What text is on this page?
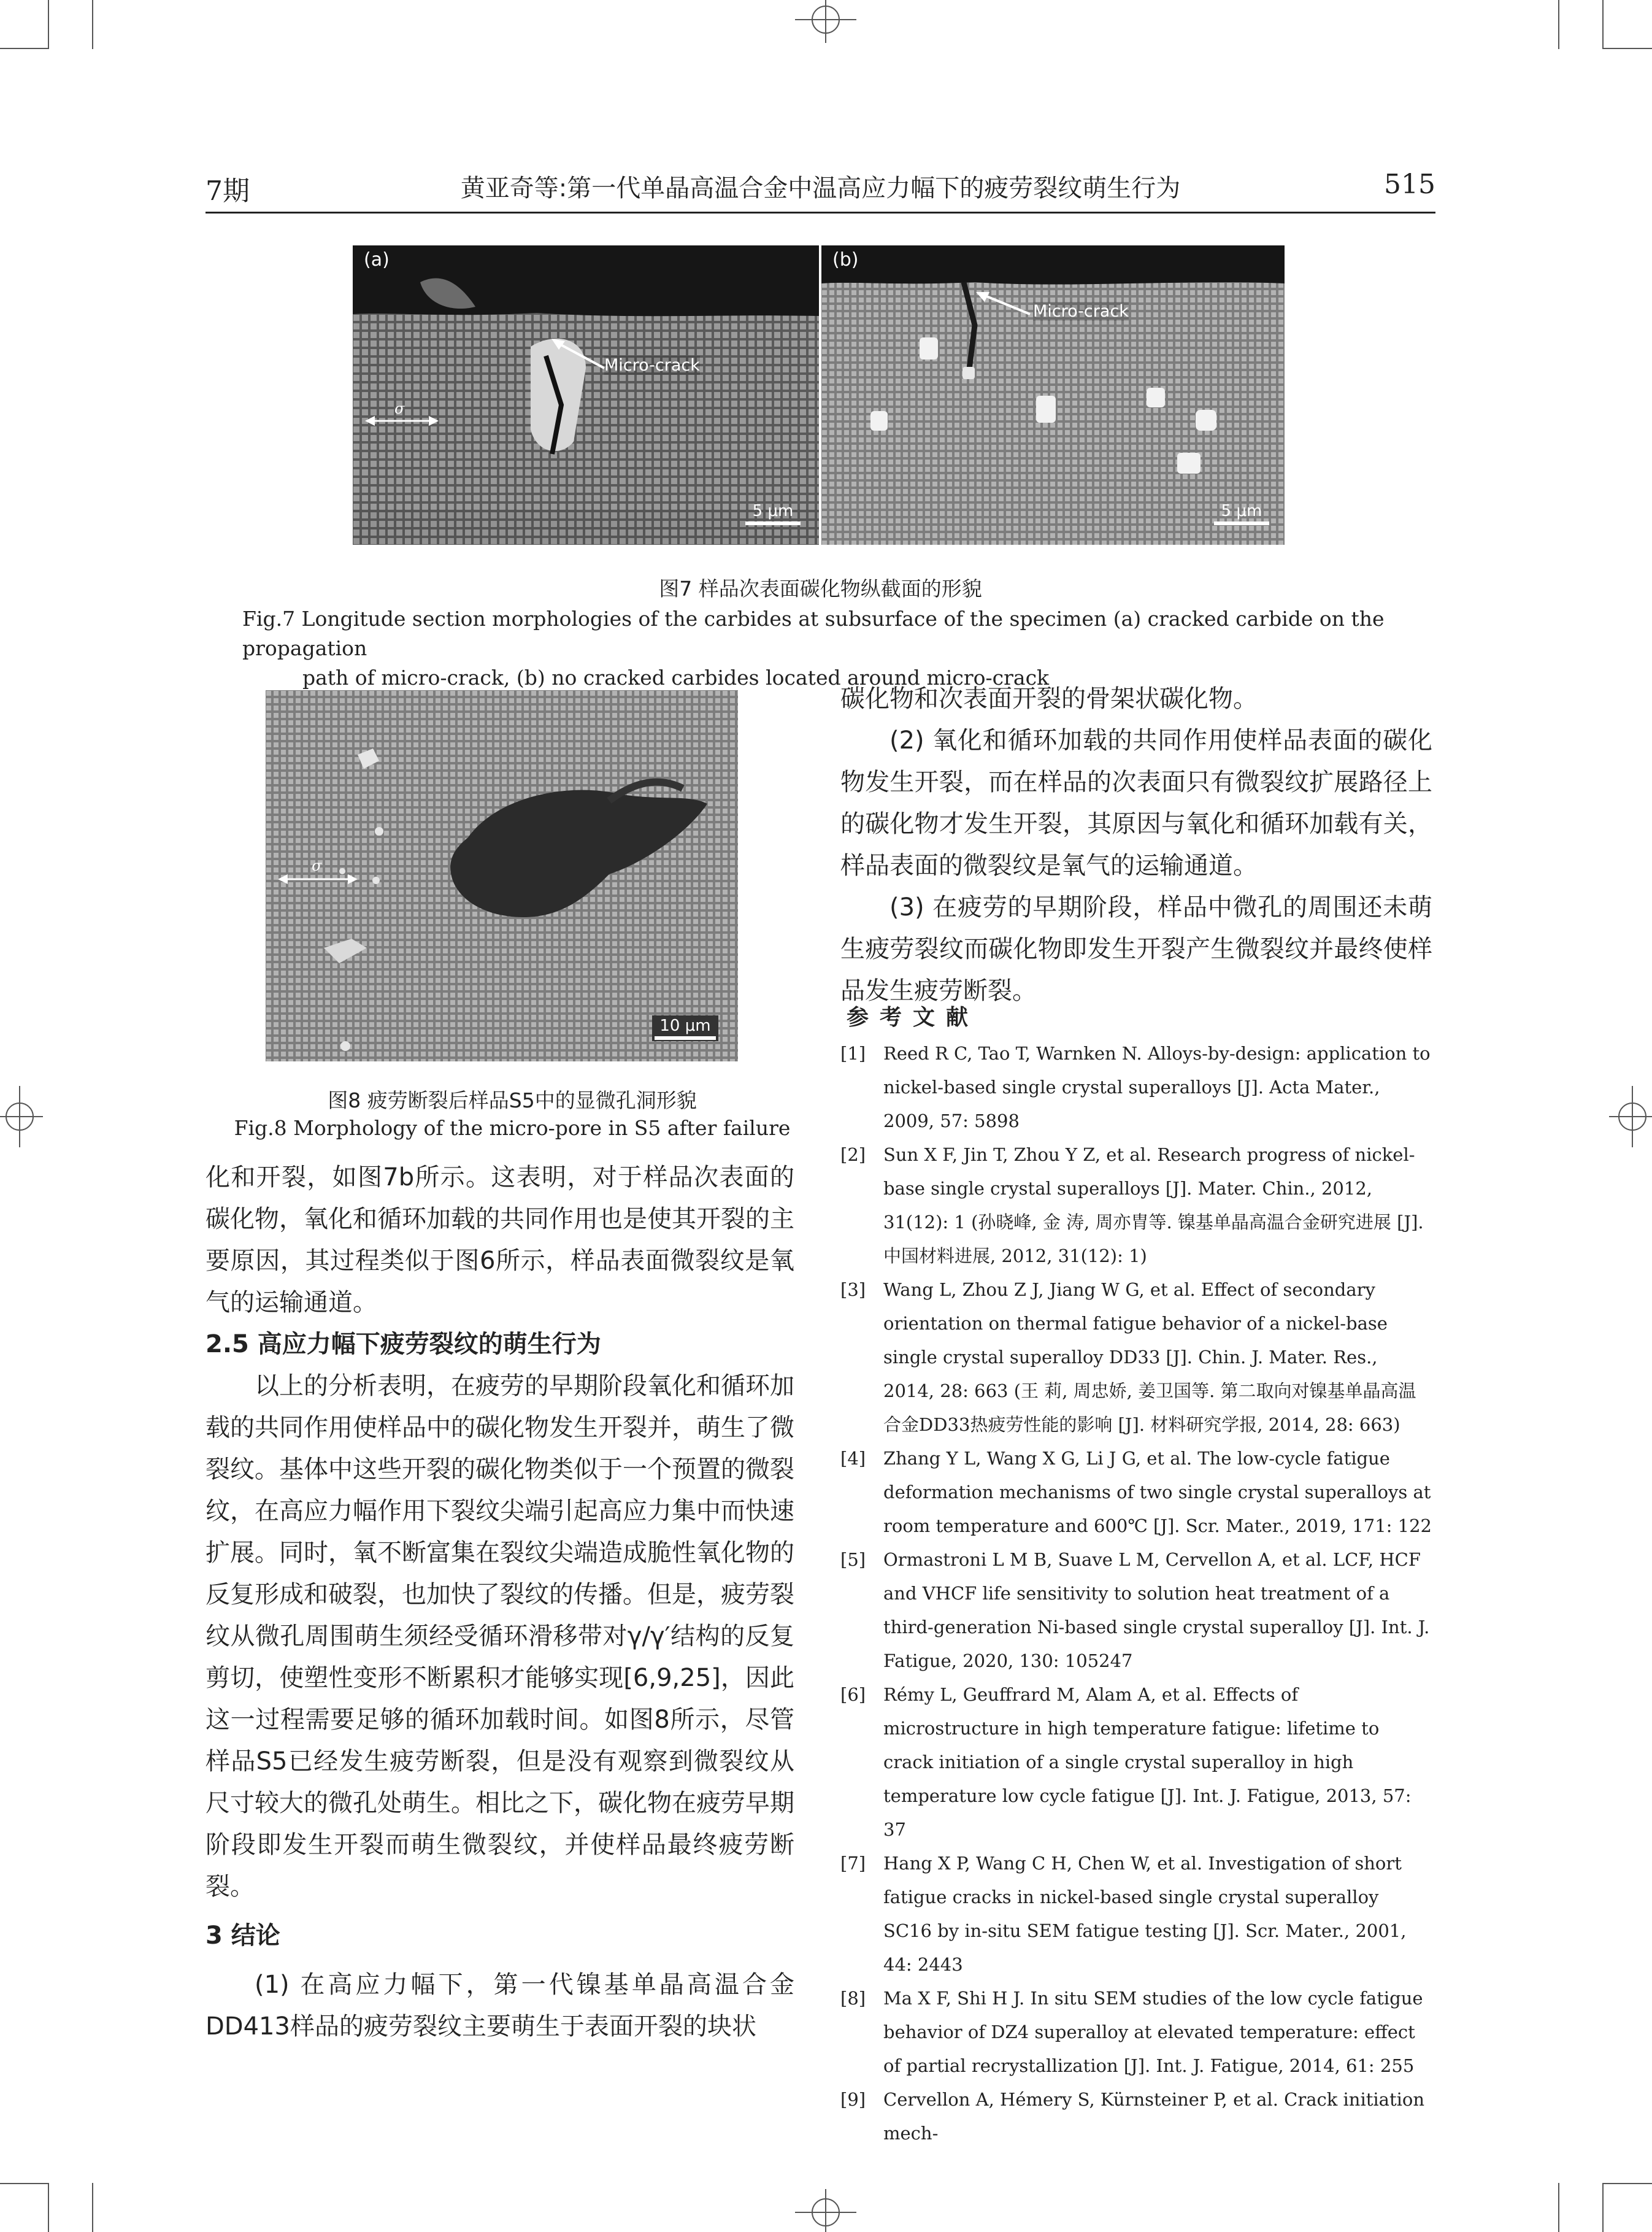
7期	黄亚奇等:第一代单晶高温合金中温高应力幅下的疲劳裂纹萌生行为	515
(a)
Micro-crack
σ
5 μm
(b)
Micro-crack
5 μm
图7 样品次表面碳化物纵截面的形貌
Fig.7 Longitude section morphologies of the carbides at subsurface of the specimen (a) cracked carbide on the propagation
path of micro-crack, (b) no cracked carbides located around micro-crack
σ
10 μm
图8 疲劳断裂后样品S5中的显微孔洞形貌
Fig.8 Morphology of the micro-pore in S5 after failure

化和开裂，如图7b所示。这表明，对于样品次表面的碳化物，氧化和循环加载的共同作用也是使其开裂的主要原因，其过程类似于图6所示，样品表面微裂纹是氧气的运输通道。

2.5 高应力幅下疲劳裂纹的萌生行为

以上的分析表明，在疲劳的早期阶段氧化和循环加载的共同作用使样品中的碳化物发生开裂并，萌生了微裂纹。基体中这些开裂的碳化物类似于一个预置的微裂纹，在高应力幅作用下裂纹尖端引起高应力集中而快速扩展。同时，氧不断富集在裂纹尖端造成脆性氧化物的反复形成和破裂，也加快了裂纹的传播。但是，疲劳裂纹从微孔周围萌生须经受循环滑移带对γ/γ′结构的反复剪切，使塑性变形不断累积才能够实现[6,9,25]，因此这一过程需要足够的循环加载时间。如图8所示，尽管样品S5已经发生疲劳断裂，但是没有观察到微裂纹从尺寸较大的微孔处萌生。相比之下，碳化物在疲劳早期阶段即发生开裂而萌生微裂纹，并使样品最终疲劳断裂。

3 结论

(1) 在高应力幅下，第一代镍基单晶高温合金DD413样品的疲劳裂纹主要萌生于表面开裂的块状

碳化物和次表面开裂的骨架状碳化物。

(2) 氧化和循环加载的共同作用使样品表面的碳化物发生开裂，而在样品的次表面只有微裂纹扩展路径上的碳化物才发生开裂，其原因与氧化和循环加载有关，样品表面的微裂纹是氧气的运输通道。

(3) 在疲劳的早期阶段，样品中微孔的周围还未萌生疲劳裂纹而碳化物即发生开裂产生微裂纹并最终使样品发生疲劳断裂。

参考文献
[1] Reed R C, Tao T, Warnken N. Alloys-by-design: application to nickel-based single crystal superalloys [J]. Acta Mater., 2009, 57: 5898
[2] Sun X F, Jin T, Zhou Y Z, et al. Research progress of nickel-base single crystal superalloys [J]. Mater. Chin., 2012, 31(12): 1 (孙晓峰, 金 涛, 周亦胄等. 镍基单晶高温合金研究进展 [J]. 中国材料进展, 2012, 31(12): 1)
[3] Wang L, Zhou Z J, Jiang W G, et al. Effect of secondary orientation on thermal fatigue behavior of a nickel-base single crystal superalloy DD33 [J]. Chin. J. Mater. Res., 2014, 28: 663 (王 莉, 周忠娇, 姜卫国等. 第二取向对镍基单晶高温合金DD33热疲劳性能的影响 [J]. 材料研究学报, 2014, 28: 663)
[4] Zhang Y L, Wang X G, Li J G, et al. The low-cycle fatigue deformation mechanisms of two single crystal superalloys at room temperature and 600℃ [J]. Scr. Mater., 2019, 171: 122
[5] Ormastroni L M B, Suave L M, Cervellon A, et al. LCF, HCF and VHCF life sensitivity to solution heat treatment of a third-generation Ni-based single crystal superalloy [J]. Int. J. Fatigue, 2020, 130: 105247
[6] Rémy L, Geuffrard M, Alam A, et al. Effects of microstructure in high temperature fatigue: lifetime to crack initiation of a single crystal superalloy in high temperature low cycle fatigue [J]. Int. J. Fatigue, 2013, 57: 37
[7] Hang X P, Wang C H, Chen W, et al. Investigation of short fatigue cracks in nickel-based single crystal superalloy SC16 by in-situ SEM fatigue testing [J]. Scr. Mater., 2001, 44: 2443
[8] Ma X F, Shi H J. In situ SEM studies of the low cycle fatigue behavior of DZ4 superalloy at elevated temperature: effect of partial recrystallization [J]. Int. J. Fatigue, 2014, 61: 255
[9] Cervellon A, Hémery S, Kürnsteiner P, et al. Crack initiation mech-
